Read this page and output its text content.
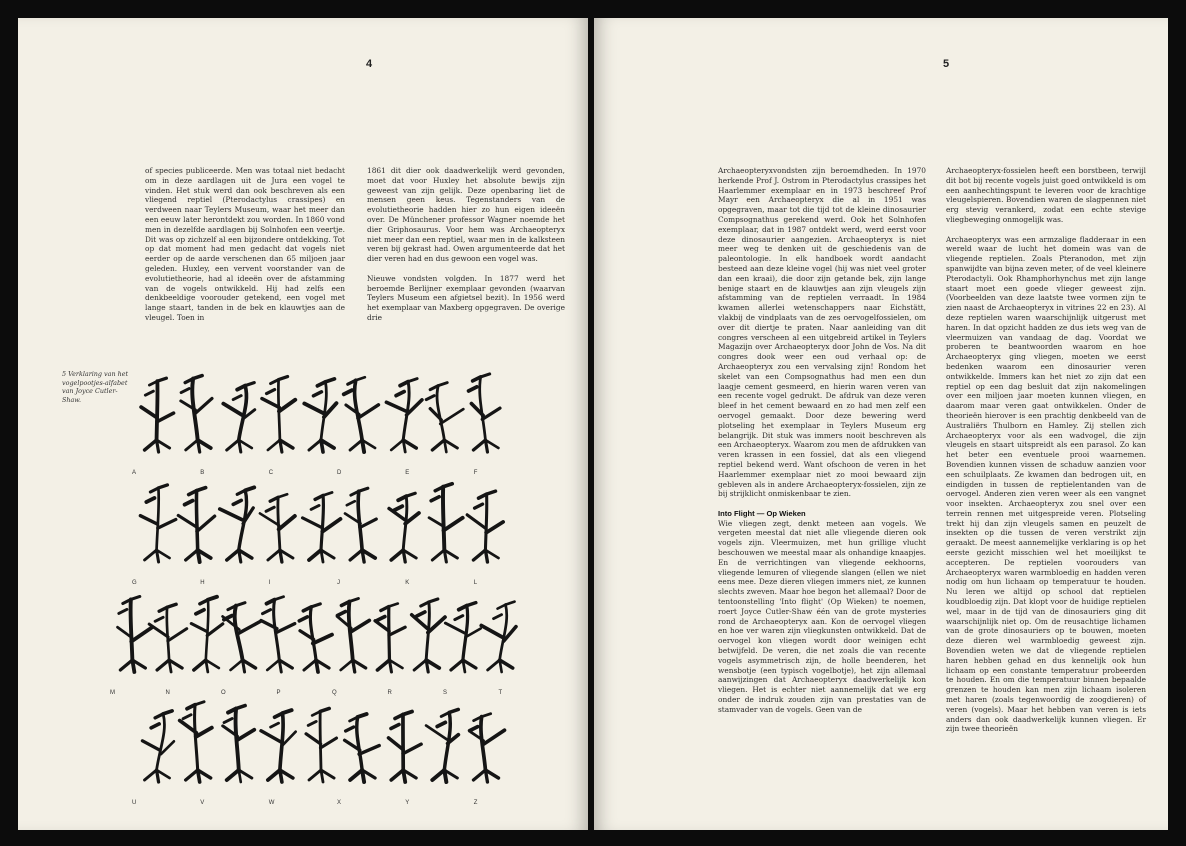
4

of species publiceerde. Men was totaal niet bedacht om in deze aardlagen uit de Jura een vogel te vinden. Het stuk werd dan ook beschreven als een vliegend reptiel (Pterodactylus crassipes) en verdween naar Teylers Museum, waar het meer dan een eeuw later herontdekt zou worden. In 1860 vond men in dezelfde aardlagen bij Solnhofen een veertje. Dit was op zichzelf al een bijzondere ontdekking. Tot op dat moment had men gedacht dat vogels niet eerder op de aarde verschenen dan 65 miljoen jaar geleden. Huxley, een vervent voorstander van de evolutietheorie, had al ideeën over de afstamming van de vogels ontwikkeld. Hij had zelfs een denkbeeldige voorouder getekend, een vogel met lange staart, tanden in de bek en klauwtjes aan de vleugel. Toen in

1861 dit dier ook daadwerkelijk werd gevonden, moet dat voor Huxley het absolute bewijs zijn geweest van zijn gelijk. Deze openbaring liet de mensen geen keus. Tegenstanders van de evolutietheorie hadden hier zo hun eigen ideeën over. De Münchener professor Wagner noemde het dier Griphosaurus. Voor hem was Archaeopteryx niet meer dan een reptiel, waar men in de kalksteen veren bij gekrast had. Owen argumenteerde dat het dier veren had en dus gewoon een vogel was.

Nieuwe vondsten volgden. In 1877 werd het beroemde Berlijner exemplaar gevonden (waarvan Teylers Museum een afgietsel bezit). In 1956 werd het exemplaar van Maxberg opgegraven. De overige drie

5 Verklaring van het vogelpootjes-alfabet van Joyce Cutler-Shaw.
A	B	C	D	E	F
G	H	I	J	K	L
M	N	O	P	Q	R	S	T
U	V	W	X	Y	Z
5

Archaeopteryxvondsten zijn beroemdheden. In 1970 herkende Prof J. Ostrom in Pterodactylus crassipes het Haarlemmer exemplaar en in 1973 beschreef Prof Mayr een Archaeopteryx die al in 1951 was opgegraven, maar tot die tijd tot de kleine dinosaurier Compsognathus gerekend werd. Ook het Solnhofen exemplaar, dat in 1987 ontdekt werd, werd eerst voor deze dinosaurier aangezien. Archaeopteryx is niet meer weg te denken uit de geschiedenis van de paleontologie. In elk handboek wordt aandacht besteed aan deze kleine vogel (hij was niet veel groter dan een kraai), die door zijn getande bek, zijn lange benige staart en de klauwtjes aan zijn vleugels zijn afstamming van de reptielen verraadt. In 1984 kwamen allerlei wetenschappers naar Eichstätt, vlakbij de vindplaats van de zes oervogelfossielen, om over dit diertje te praten. Naar aanleiding van dit congres verscheen al een uitgebreid artikel in Teylers Magazijn over Archaeopteryx door John de Vos. Na dit congres dook weer een oud verhaal op: de Archaeopteryx zou een vervalsing zijn! Rondom het skelet van een Compsognathus had men een dun laagje cement gesmeerd, en hierin waren veren van een recente vogel gedrukt. De afdruk van deze veren bleef in het cement bewaard en zo had men zelf een oervogel gemaakt. Door deze bewering werd plotseling het exemplaar in Teylers Museum erg belangrijk. Dit stuk was immers nooit beschreven als een Archaeopteryx. Waarom zou men de afdrukken van veren krassen in een fossiel, dat als een vliegend reptiel bekend werd. Want ofschoon de veren in het Haarlemmer exemplaar niet zo mooi bewaard zijn gebleven als in andere Archaeopteryx-fossielen, zijn ze bij strijklicht onmiskenbaar te zien.

Into Flight — Op Wieken

Wie vliegen zegt, denkt meteen aan vogels. We vergeten meestal dat niet alle vliegende dieren ook vogels zijn. Vleermuizen, met hun grillige vlucht beschouwen we meestal maar als onhandige knaapjes. En de verrichtingen van vliegende eekhoorns, vliegende lemuren of vliegende slangen (ellen we niet eens mee. Deze dieren vliegen immers niet, ze kunnen slechts zweven. Maar hoe begon het allemaal? Door de tentoonstelling 'Into flight' (Op Wieken) te noemen, roert Joyce Cutler-Shaw één van de grote mysteries rond de Archaeopteryx aan. Kon de oervogel vliegen en hoe ver waren zijn vliegkunsten ontwikkeld. Dat de oervogel kon vliegen wordt door weinigen echt betwijfeld. De veren, die net zoals die van recente vogels asymmetrisch zijn, de holle beenderen, het wensbotje (een typisch vogelbotje), het zijn allemaal aanwijzingen dat Archaeopteryx daadwerkelijk kon vliegen. Het is echter niet aannemelijk dat we erg onder de indruk zouden zijn van prestaties van de stamvader van de vogels. Geen van de

Archaeopteryx-fossielen heeft een borstbeen, terwijl dit bot bij recente vogels juist goed ontwikkeld is om een aanhechtingspunt te leveren voor de krachtige vleugelspieren. Bovendien waren de slagpennen niet erg stevig verankerd, zodat een echte stevige vliegbeweging onmogelijk was.

Archaeopteryx was een armzalige fladderaar in een wereld waar de lucht het domein was van de vliegende reptielen. Zoals Pteranodon, met zijn spanwijdte van bijna zeven meter, of de veel kleinere Pterodactyli. Ook Rhamphorhynchus met zijn lange staart moet een goede vlieger geweest zijn. (Voorbeelden van deze laatste twee vormen zijn te zien naast de Archaeopteryx in vitrines 22 en 23). Al deze reptielen waren waarschijnlijk uitgerust met haren. In dat opzicht hadden ze dus iets weg van de vleermuizen van vandaag de dag. Voordat we proberen te beantwoorden waarom en hoe Archaeopteryx ging vliegen, moeten we eerst bedenken waarom een dinosaurier veren ontwikkelde. Immers kan het niet zo zijn dat een reptiel op een dag besluit dat zijn nakomelingen over een miljoen jaar moeten kunnen vliegen, en daarom maar veren gaat ontwikkelen. Onder de theorieën hierover is een prachtig denkbeeld van de Australiërs Thulborn en Hamley. Zij stellen zich Archaeopteryx voor als een wadvogel, die zijn vleugels en staart uitspreidt als een parasol. Zo kan het beter een eventuele prooi waarnemen. Bovendien kunnen vissen de schaduw aanzien voor een schuilplaats. Ze kwamen dan bedrogen uit, en eindigden in tussen de reptielentanden van de oervogel. Anderen zien veren weer als een vangnet voor insekten. Archaeopteryx zou snel over een terrein rennen met uitgespreide veren. Plotseling trekt hij dan zijn vleugels samen en peuzelt de insekten op die tussen de veren verstrikt zijn geraakt. De meest aannemelijke verklaring is op het eerste gezicht misschien wel het moeilijkst te accepteren. De reptielen voorouders van Archaeopteryx waren warmbloedig en hadden veren nodig om hun lichaam op temperatuur te houden. Nu leren we altijd op school dat reptielen koudbloedig zijn. Dat klopt voor de huidige reptielen wel, maar in de tijd van de dinosauriers ging dit waarschijnlijk niet op. Om de reusachtige lichamen van de grote dinosauriers op te bouwen, moeten deze dieren wel warmbloedig geweest zijn. Bovendien weten we dat de vliegende reptielen haren hebben gehad en dus kennelijk ook hun lichaam op een constante temperatuur probeerden te houden. En om die temperatuur binnen bepaalde grenzen te houden kan men zijn lichaam isoleren met haren (zoals tegenwoordig de zoogdieren) of veren (vogels). Maar het hebben van veren is iets anders dan ook daadwerkelijk kunnen vliegen. Er zijn twee theorieën
